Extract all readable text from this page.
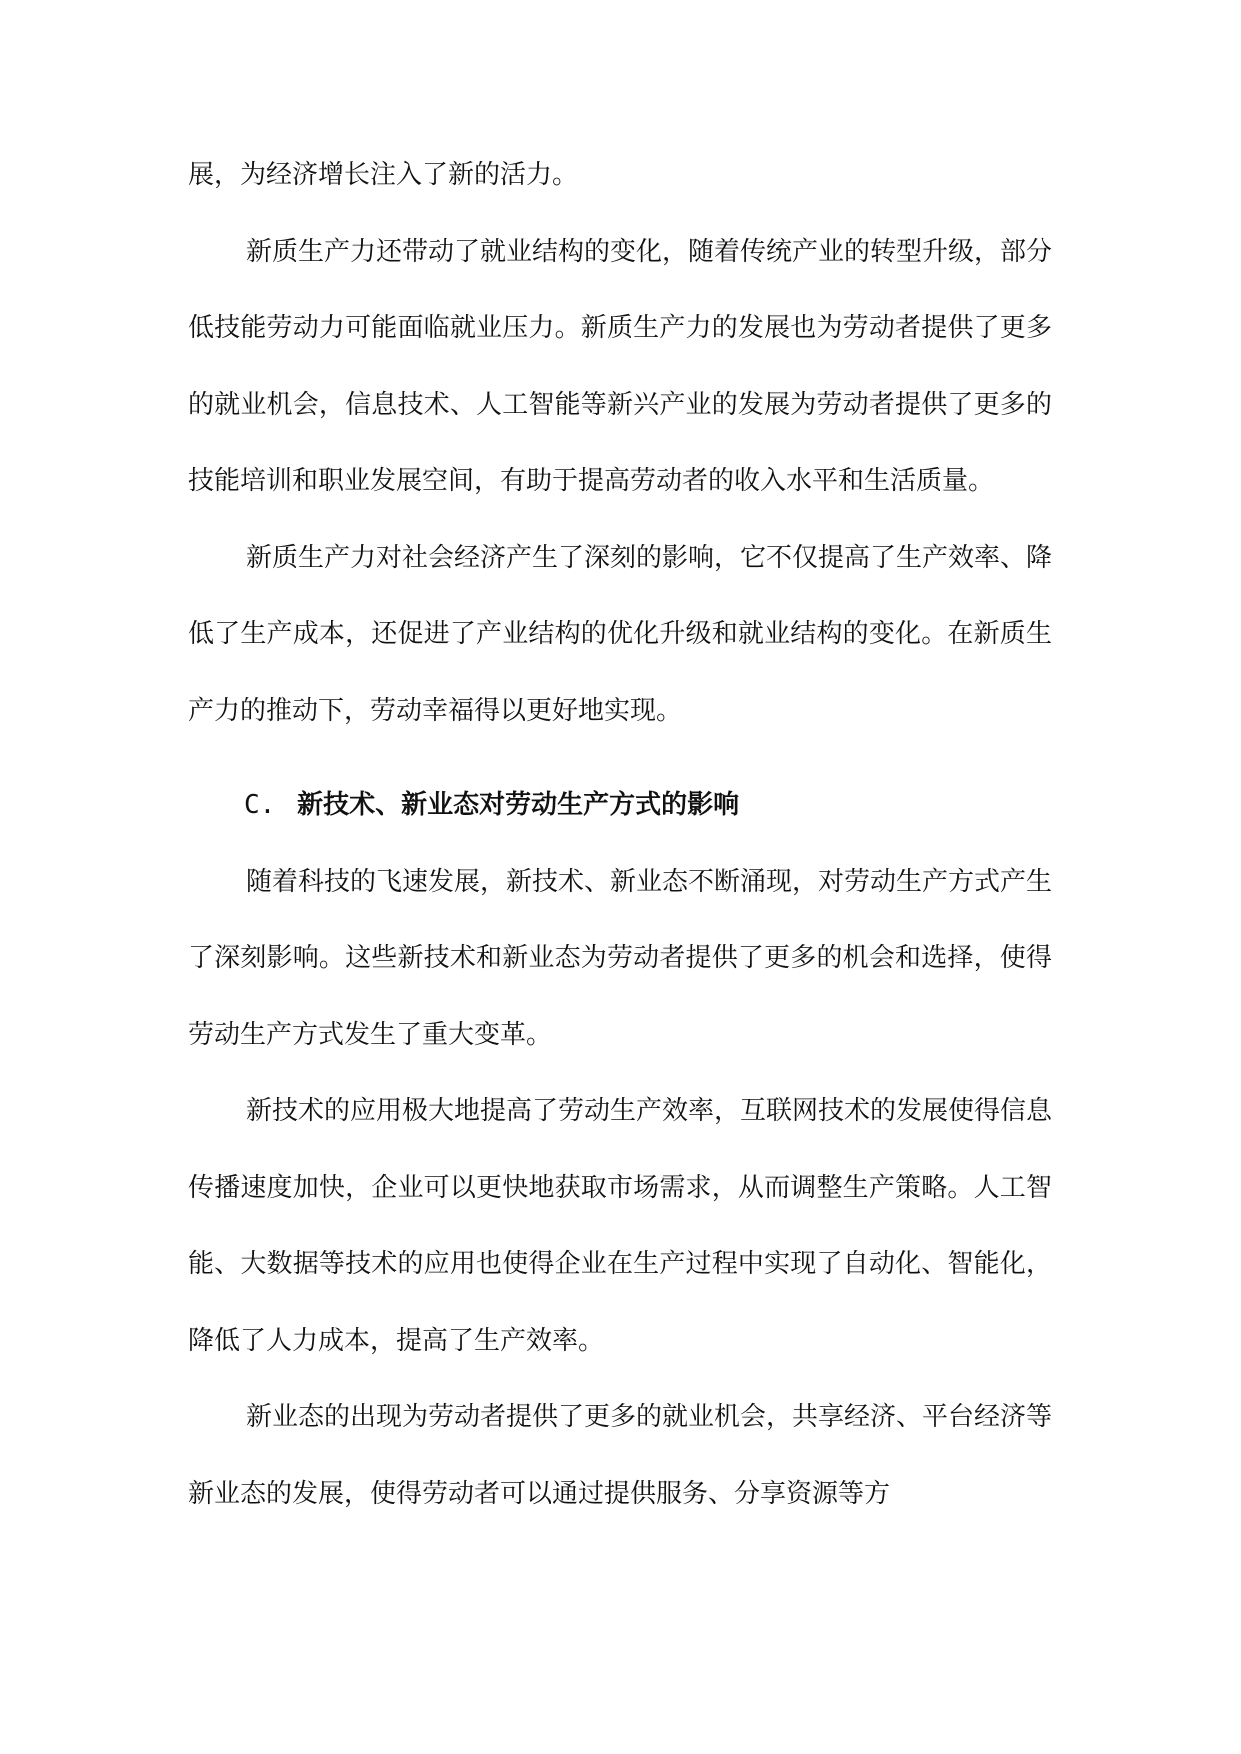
展，为经济增长注入了新的活力。

新质生产力还带动了就业结构的变化，随着传统产业的转型升级，部分低技能劳动力可能面临就业压力。新质生产力的发展也为劳动者提供了更多的就业机会，信息技术、人工智能等新兴产业的发展为劳动者提供了更多的技能培训和职业发展空间，有助于提高劳动者的收入水平和生活质量。

新质生产力对社会经济产生了深刻的影响，它不仅提高了生产效率、降低了生产成本，还促进了产业结构的优化升级和就业结构的变化。在新质生产力的推动下，劳动幸福得以更好地实现。

C. 新技术、新业态对劳动生产方式的影响

随着科技的飞速发展，新技术、新业态不断涌现，对劳动生产方式产生了深刻影响。这些新技术和新业态为劳动者提供了更多的机会和选择，使得劳动生产方式发生了重大变革。

新技术的应用极大地提高了劳动生产效率，互联网技术的发展使得信息传播速度加快，企业可以更快地获取市场需求，从而调整生产策略。人工智能、大数据等技术的应用也使得企业在生产过程中实现了自动化、智能化，降低了人力成本，提高了生产效率。

新业态的出现为劳动者提供了更多的就业机会，共享经济、平台经济等新业态的发展，使得劳动者可以通过提供服务、分享资源等方
